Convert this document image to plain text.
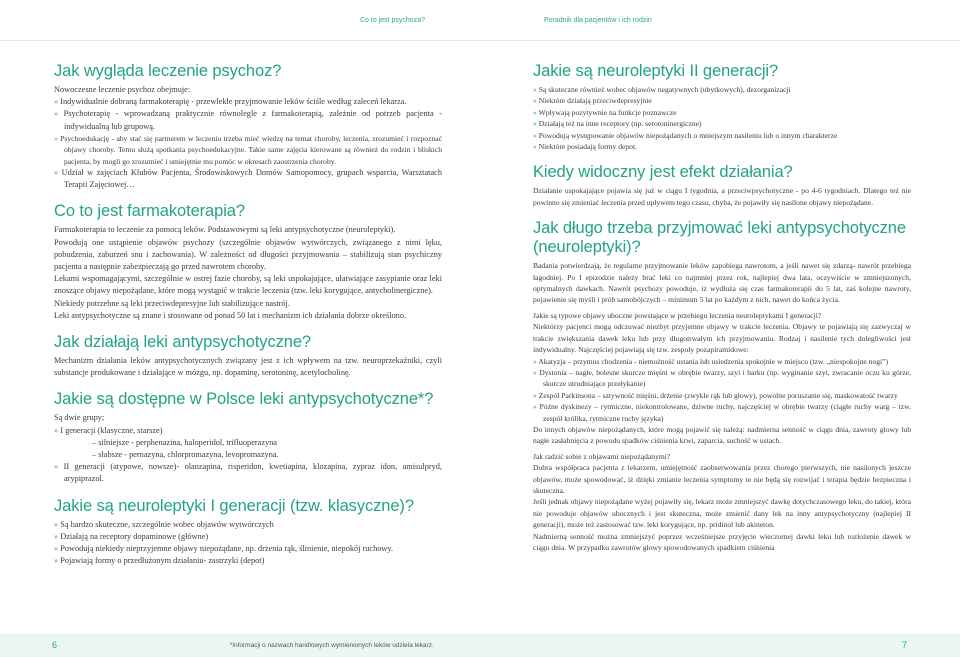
Co to jest psychoza?	Poradnik dla pacjentów i ich rodzin
Jak wygląda leczenie psychoz?

Nowoczesne leczenie psychoz obejmuje:

» Indywidualnie dobraną farmakoterapię - przewlekłe przyjmowanie leków ściśle według zaleceń lekarza.

» Psychoterapię - wprowadzaną praktycznie równolegle z farmakoterapią, zależnie od potrzeb pacjenta - indywidualną lub grupową.

» Psychoedukację - aby stać się partnerem w leczeniu trzeba mieć wiedzę na temat choroby, leczenia, zrozumieć i rozpoznać objawy choroby. Temu służą spotkania psychoedukacyjne. Takie same zajęcia kierowane są również do rodzin i bliskich pacjenta, by mogli go zrozumieć i umiejętnie mu pomóc w okresach zaostrzenia choroby.

» Udział w zajęciach Klubów Pacjenta, Środowiskowych Domów Samopomocy, grupach wsparcia, Warsztatach Terapii Zajęciowej…

Co to jest farmakoterapia?

Farmakoterapia to leczenie za pomocą leków. Podstawowymi są leki antypsychotyczne (neuroleptyki).

Powodują one ustąpienie objawów psychozy (szczególnie objawów wytwórczych, związanego z nimi lęku, pobudzenia, zaburzeń snu i zachowania). W zależności od długości przyjmowania – stabilizują stan psychiczny pacjenta a następnie zabezpieczają go przed nawrotem choroby.

Lekami wspomagającymi, szczególnie w ostrej fazie choroby, są leki uspokajające, ułatwiające zasypianie oraz leki znoszące objawy niepożądane, które mogą wystąpić w trakcie leczenia (tzw. leki korygujące, antycholinergiczne).

Niekiedy potrzebne są leki przeciwdepresyjne lub stabilizujące nastrój.

Leki antypsychotyczne są znane i stosowane od ponad 50 lat i mechanizm ich działania dobrze określono.

Jak działają leki antypsychotyczne?

Mechanizm działania leków antypsychotycznych związany jest z ich wpływem na tzw. neuroprzekaźniki, czyli substancje produkowane i działające w mózgu, np. dopaminę, serotoninę, acetylocholinę.

Jakie są dostępne w Polsce leki antypsychotyczne*?

Są dwie grupy;

» I generacji (klasyczne, starsze)

– silniejsze - perphenazina, haloperidol, trifluoperazyna

– słabsze - pernazyna, chlorpromazyna, levopromazyna.

» II generacji (atypowe, nowsze)- olanzapina, risperidon, kwetiapina, klozapina, zypraz idon, amisulpryd, arypiprazol.

Jakie są neuroleptyki I generacji (tzw. klasyczne)?

» Są bardzo skuteczne, szczególnie wobec objawów wytwórczych

» Działają na receptory dopaminowe (główne)

» Powodują niekiedy nieprzyjemne objawy niepożądane, np. drżenia rąk, ślinienie, niepokój ruchowy.

» Pojawiają formy o przedłużonym działaniu- zastrzyki (depot)

Jakie są neuroleptyki II generacji?

» Są skuteczne również wobec objawów negatywnych (ubytkowych), dezorganizacji

» Niektóre działają przeciwdepresyjnie

» Wpływają pozytywnie na funkcje poznawcze

» Działają też na inne receptory (np. serotoninergiczne)

» Powodują występowanie objawów niepożądanych o mniejszym nasileniu lub o innym charakterze

» Niektóre posiadają formy depot.

Kiedy widoczny jest efekt działania?

Działanie uspokajające pojawia się już w ciągu I tygodnia, a przeciwpsychotyczne - po 4-6 tygodniach. Dlatego też nie powinno się zmieniać leczenia przed upływem tego czasu, chyba, że pojawiły się nasilone objawy niepożądane.

Jak długo trzeba przyjmować leki antypsychotyczne (neuroleptyki)?

Badania potwierdzają, że regularne przyjmowanie leków zapobiega nawrotom, a jeśli nawet się zdarzą- nawrót przebiega łagodniej. Po I epizodzie należy brać leki co najmniej przez rok, najlepiej dwa lata, oczywiście w zmniejszonych, optymalnych dawkach. Nawrót psychozy powoduje, iż wydłuża się czas farmakoterapii do 5 lat, zaś kolejne nawroty, pojawienie się myśli i prób samobójczych – minimum 5 lat po każdym z nich, nawet do końca życia.

Jakie są typowe objawy uboczne powstające w przebiegu leczenia neuroleptykami I generacji?

Niektórzy pacjenci mogą odczuwać niezbyt przyjemne objawy w trakcie leczenia. Objawy te pojawiają się zazwyczaj w trakcie zwiększania dawek leku lub przy długotrwałym ich przyjmowaniu. Rodzaj i nasilenie tych dolegliwości jest indywidualny. Najczęściej pojawiają się tzw. zespoły pozapiramidowe:

» Akatyzja – przymus chodzenia - niemożność ustania lub usiedzenia spokojnie w miejscu (tzw. „niespokojne nogi”)

» Dystonia – nagłe, bolesne skurcze mięśni w obrębie twarzy, szyi i barku (np. wyginanie szyi, zwracanie oczu ku górze, skurcze utrudniające przełykanie)

» Zespół Parkinsona – sztywność mięśni, drżenie (zwykle rąk lub głowy), powolne poruszanie się, maskowatość twarzy

» Późne dyskinezy – rytmiczne, niekontrolowane, dziwne ruchy, najczęściej w obrębie twarzy (ciągłe ruchy warg – tzw. zespół królika, rytmiczne ruchy języka)

Do innych objawów niepożądanych, które mogą pojawić się należą: nadmierna senność w ciągu dnia, zawroty głowy lub nagłe zasłabnięcia z powodu spadków ciśnienia krwi, zaparcia, suchość w ustach.

Jak radzić sobie z objawami niepożądanymi?

Dobra współpraca pacjenta z lekarzem, umiejętność zaobserwowania przez chorego pierwszych, nie nasilonych jeszcze objawów, może spowodować, iż dzięki zmianie leczenia symptomy te nie będą się rozwijać i terapia będzie bezpieczna i skuteczna.

Jeśli jednak objawy niepożądane wyżej pojawiły się, lekarz może zmniejszyć dawkę dotychczasowego leku, do takiej, która nie powoduje objawów ubocznych i jest skuteczna, może zmienić dany lek na inny antypsychotyczny (najlepiej II generacji), może też zastosować tzw. leki korygujące, np. pridinol lub akineton.

Nadmierną senność można zmniejszyć poprzez wcześniejsze przyjęcie wieczornej dawki leku lub rozłożenie dawek w ciągu dnia. W przypadku zawrotów głowy spowodowanych spadkiem ciśnienia

6	*informacji o nazwach handlowych wymienionych leków udziela lekarz.	7
